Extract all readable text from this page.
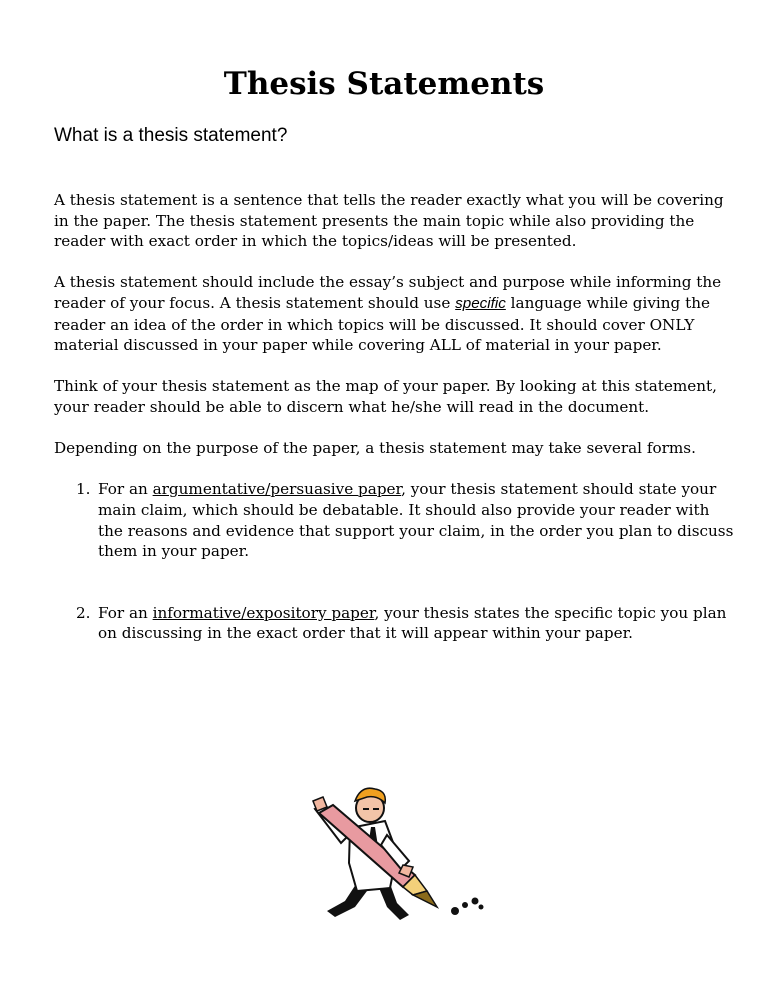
Thesis Statements
What is a thesis statement?

A thesis statement is a sentence that tells the reader exactly what you will be covering in the paper. The thesis statement presents the main topic while also providing the reader with exact order in which the topics/ideas will be presented.

A thesis statement should include the essay’s subject and purpose while informing the reader of your focus. A thesis statement should use specific language while giving the reader an idea of the order in which topics will be discussed. It should cover ONLY material discussed in your paper while covering ALL of material in your paper.

Think of your thesis statement as the map of your paper. By looking at this statement, your reader should be able to discern what he/she will read in the document.

Depending on the purpose of the paper, a thesis statement may take several forms.

1. For an argumentative/persuasive paper, your thesis statement should state your main claim, which should be debatable. It should also provide your reader with the reasons and evidence that support your claim, in the order you plan to discuss them in your paper.
2. For an informative/expository paper, your thesis states the specific topic you plan on discussing in the exact order that it will appear within your paper.
